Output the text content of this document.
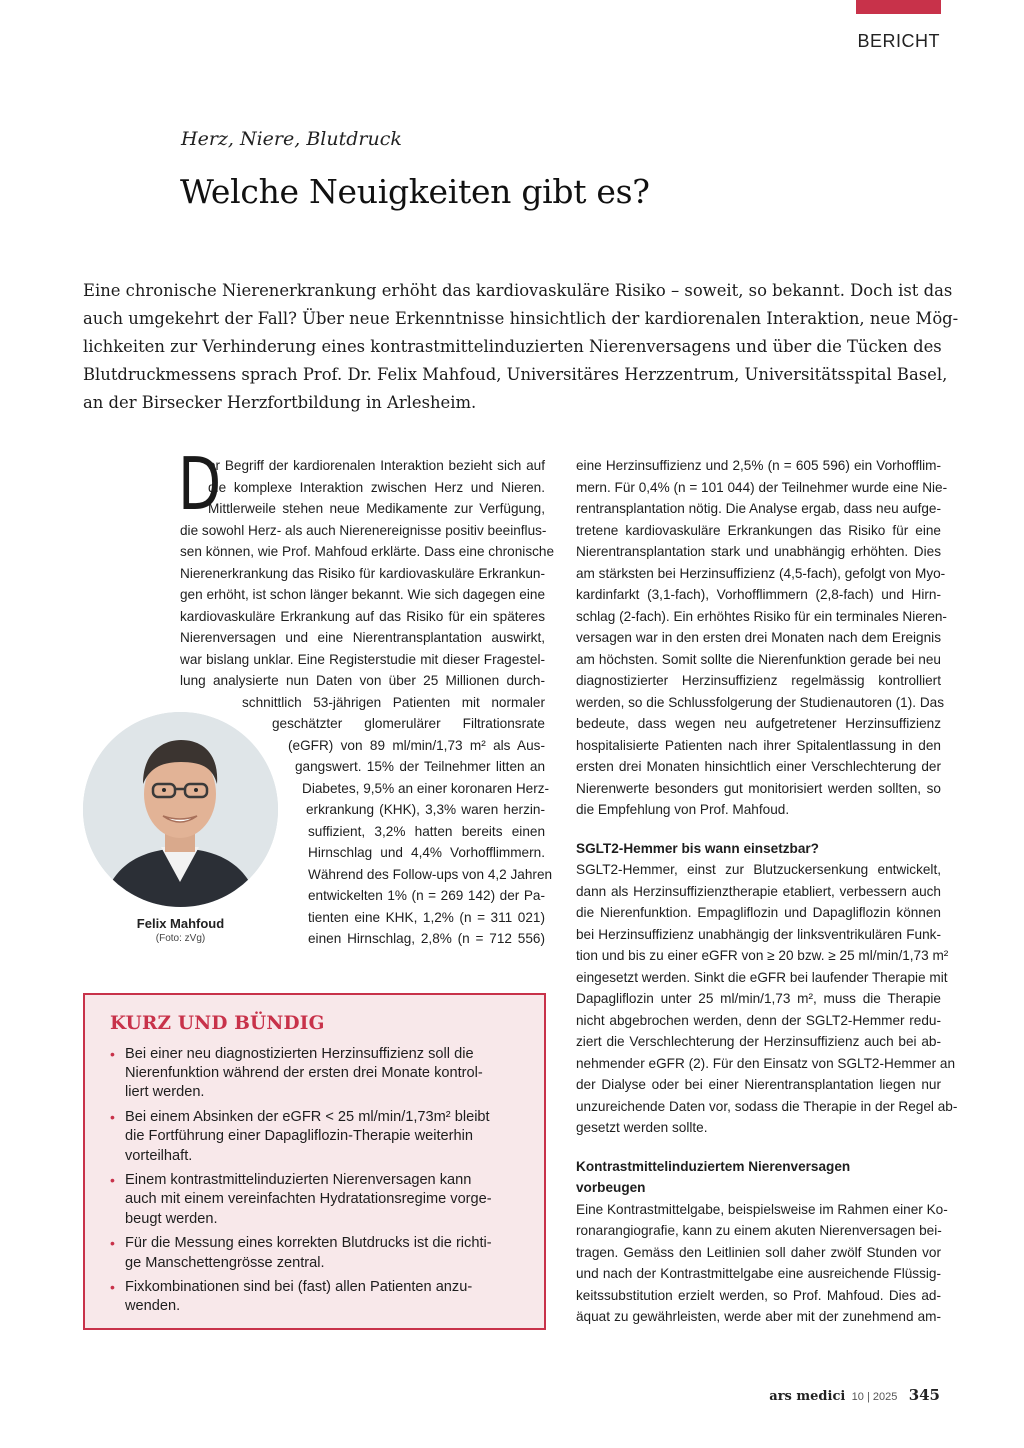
BERICHT
Herz, Niere, Blutdruck
Welche Neuigkeiten gibt es?
Eine chronische Nierenerkrankung erhöht das kardiovaskuläre Risiko – soweit, so bekannt. Doch ist das
auch umgekehrt der Fall? Über neue Erkenntnisse hinsichtlich der kardiorenalen Interaktion, neue Mög-
lichkeiten zur Verhinderung eines kontrastmittelinduzierten Nierenversagens und über die Tücken des
Blutdruckmessens sprach Prof. Dr. Felix Mahfoud, Universitäres Herzzentrum, Universitätsspital Basel,
an der Birsecker Herzfortbildung in Arlesheim.
D
er Begriff der kardiorenalen Interaktion bezieht sich auf
die komplexe Interaktion zwischen Herz und Nieren.
Mittlerweile stehen neue Medikamente zur Verfügung,
die sowohl Herz- als auch Nierenereignisse positiv beeinflus-
sen können, wie Prof. Mahfoud erklärte. Dass eine chronische
Nierenerkrankung das Risiko für kardiovaskuläre Erkrankun-
gen erhöht, ist schon länger bekannt. Wie sich dagegen eine
kardiovaskuläre Erkrankung auf das Risiko für ein späteres
Nierenversagen und eine Nierentransplantation auswirkt,
war bislang unklar. Eine Registerstudie mit dieser Fragestel-
lung analysierte nun Daten von über 25 Millionen durch-
schnittlich 53-jährigen Patienten mit normaler
geschätzter glomerulärer Filtrationsrate
(eGFR) von 89 ml/min/1,73 m² als Aus-
gangswert. 15% der Teilnehmer litten an
Diabetes, 9,5% an einer koronaren Herz-
erkrankung (KHK), 3,3% waren herzin-
suffizient, 3,2% hatten bereits einen
Hirnschlag und 4,4% Vorhofflimmern.
Während des Follow-ups von 4,2 Jahren
entwickelten 1% (n = 269 142) der Pa-
tienten eine KHK, 1,2% (n = 311 021)
einen Hirnschlag, 2,8% (n = 712 556)
Felix Mahfoud
(Foto: zVg)
eine Herzinsuffizienz und 2,5% (n = 605 596) ein Vorhofflim-
mern. Für 0,4% (n = 101 044) der Teilnehmer wurde eine Nie-
rentransplantation nötig. Die Analyse ergab, dass neu aufge-
tretene kardiovaskuläre Erkrankungen das Risiko für eine
Nierentransplantation stark und unabhängig erhöhten. Dies
am stärksten bei Herzinsuffizienz (4,5-fach), gefolgt von Myo-
kardinfarkt (3,1-fach), Vorhofflimmern (2,8-fach) und Hirn-
schlag (2-fach). Ein erhöhtes Risiko für ein terminales Nieren-
versagen war in den ersten drei Monaten nach dem Ereignis
am höchsten. Somit sollte die Nierenfunktion gerade bei neu
diagnostizierter Herzinsuffizienz regelmässig kontrolliert
werden, so die Schlussfolgerung der Studienautoren (1). Das
bedeute, dass wegen neu aufgetretener Herzinsuffizienz
hospitalisierte Patienten nach ihrer Spitalentlassung in den
ersten drei Monaten hinsichtlich einer Verschlechterung der
Nierenwerte besonders gut monitorisiert werden sollten, so
die Empfehlung von Prof. Mahfoud.
SGLT2-Hemmer bis wann einsetzbar?
SGLT2-Hemmer, einst zur Blutzuckersenkung entwickelt,
dann als Herzinsuffizienztherapie etabliert, verbessern auch
die Nierenfunktion. Empagliflozin und Dapagliflozin können
bei Herzinsuffizienz unabhängig der linksventrikulären Funk-
tion und bis zu einer eGFR von ≥ 20 bzw. ≥ 25 ml/min/1,73 m²
eingesetzt werden. Sinkt die eGFR bei laufender Therapie mit
Dapagliflozin unter 25 ml/min/1,73 m², muss die Therapie
nicht abgebrochen werden, denn der SGLT2-Hemmer redu-
ziert die Verschlechterung der Herzinsuffizienz auch bei ab-
nehmender eGFR (2). Für den Einsatz von SGLT2-Hemmer an
der Dialyse oder bei einer Nierentransplantation liegen nur
unzureichende Daten vor, sodass die Therapie in der Regel ab-
gesetzt werden sollte.
Kontrastmittelinduziertem Nierenversagen
vorbeugen
Eine Kontrastmittelgabe, beispielsweise im Rahmen einer Ko-
ronarangiografie, kann zu einem akuten Nierenversagen bei-
tragen. Gemäss den Leitlinien soll daher zwölf Stunden vor
und nach der Kontrastmittelgabe eine ausreichende Flüssig-
keitssubstitution erzielt werden, so Prof. Mahfoud. Dies ad-
äquat zu gewährleisten, werde aber mit der zunehmend am-
KURZ UND BÜNDIG
• Bei einer neu diagnostizierten Herzinsuffizienz soll die
Nierenfunktion während der ersten drei Monate kontrol-
liert werden.
• Bei einem Absinken der eGFR < 25 ml/min/1,73m² bleibt
die Fortführung einer Dapagliflozin-Therapie weiterhin
vorteilhaft.
• Einem kontrastmittelinduzierten Nierenversagen kann
auch mit einem vereinfachten Hydratationsregime vorge-
beugt werden.
• Für die Messung eines korrekten Blutdrucks ist die richti-
ge Manschettengrösse zentral.
• Fixkombinationen sind bei (fast) allen Patienten anzu-
wenden.
ars medici 10 | 2025 345
